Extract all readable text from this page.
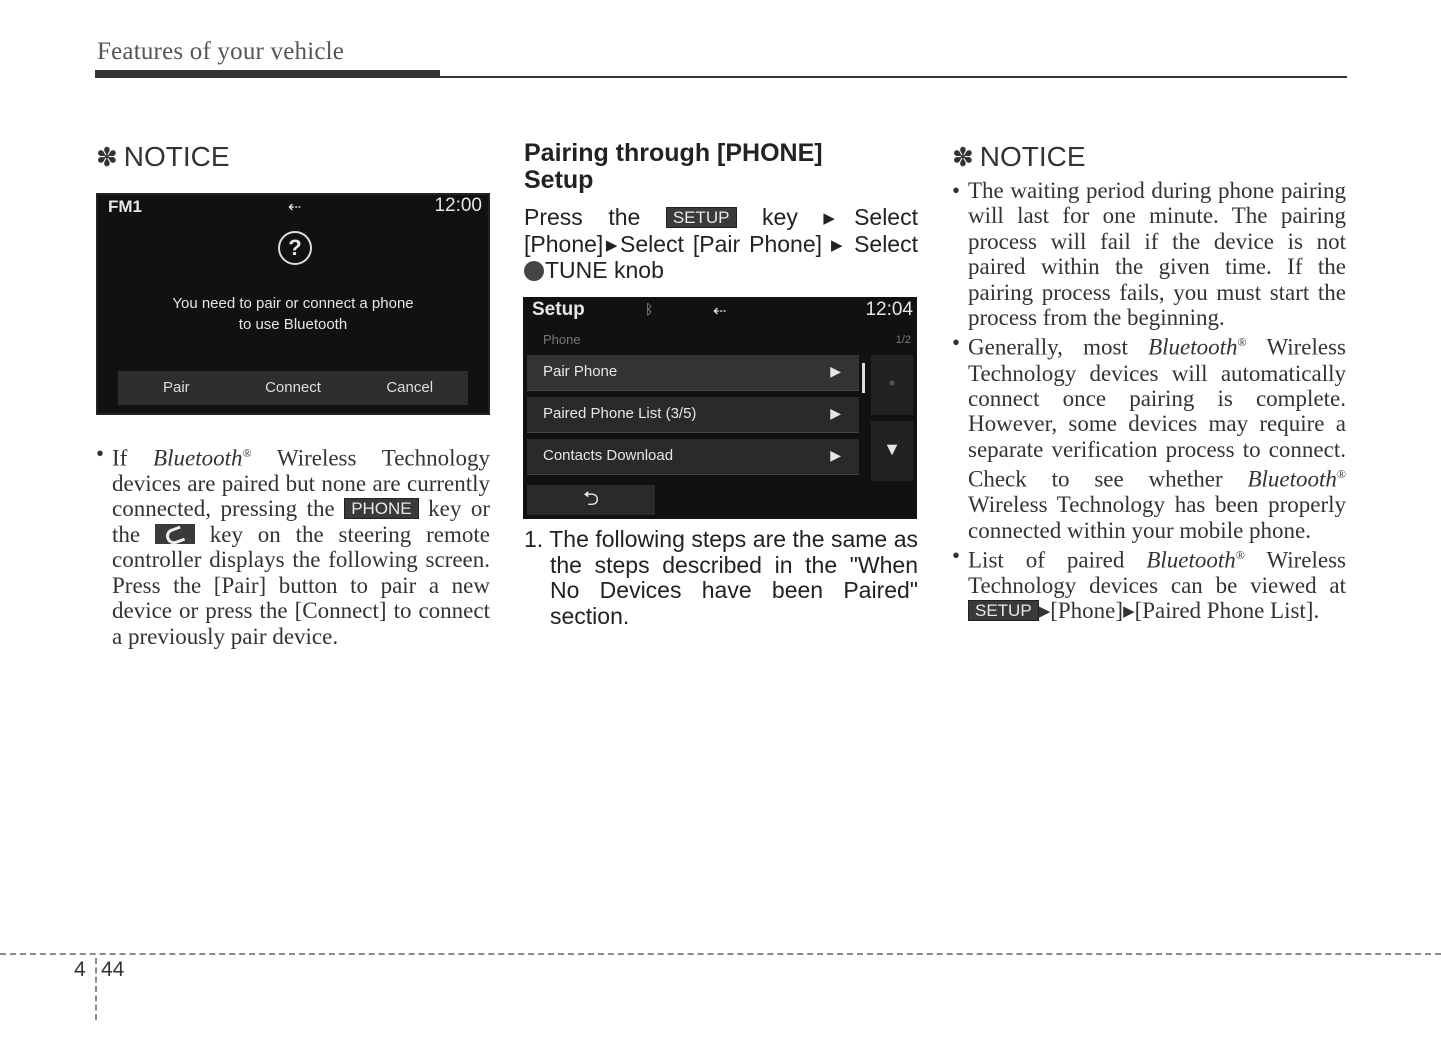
Features of your vehicle
✽ NOTICE
FM1	⇠	12:00
?
You need to pair or connect a phone
to use Bluetooth
Pair	Connect	Cancel
• If Bluetooth® Wireless Technology devices are paired but none are currently connected, pressing the PHONE key or the  key on the steering remote controller displays the following screen. Press the [Pair] button to pair a new device or press the [Connect] to connect a previously pair device.
Pairing through [PHONE] Setup
Press the SETUP key ▶Select [Phone]▶Select [Pair Phone] ▶ Select TUNE knob
Setup	ᛒ	⇠	12:04
Phone	1/2
Pair Phone	▶
Paired Phone List (3/5)	▶
Contacts Download	▶
•
▼
⮌
1. The following steps are the same as the steps described in the "When No Devices have been Paired" section.
✽ NOTICE
• The waiting period during phone pairing will last for one minute. The pairing process will fail if the device is not paired within the given time. If the pairing process fails, you must start the process from the beginning.
• Generally, most Bluetooth® Wireless Technology devices will automatically connect once pairing is complete. However, some devices may require a separate verification process to connect. Check to see whether Bluetooth® Wireless Technology has been properly connected within your mobile phone.
• List of paired Bluetooth® Wireless Technology devices can be viewed at SETUP ▶[Phone]▶[Paired Phone List].
4 44
